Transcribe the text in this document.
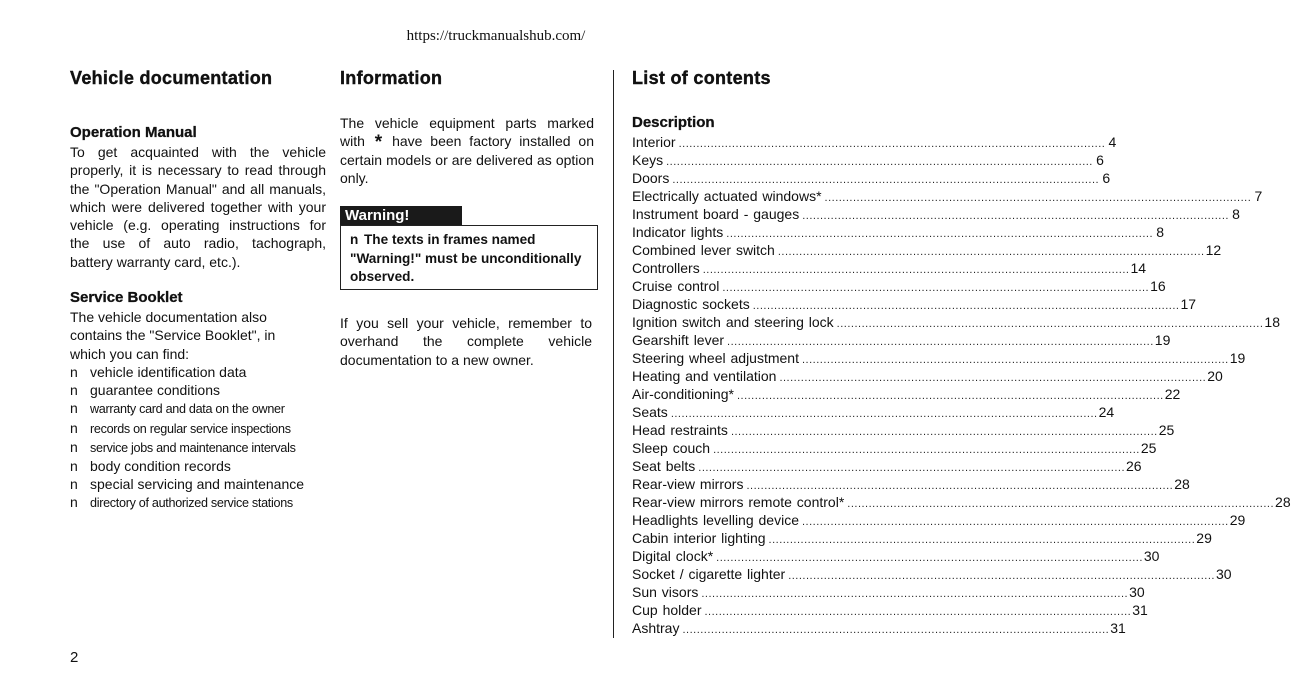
https://truckmanualshub.com/
Vehicle documentation
Operation Manual

To get acquainted with the vehicle properly, it is necessary to read through the "Operation Manual" and all manuals, which were delivered together with your vehicle (e.g. operating instructions for the use of auto radio, tachograph, battery warranty card, etc.).

Service Booklet

The vehicle documentation also contains the "Service Booklet", in which you can find:

n vehicle identification data
n guarantee conditions
n warranty card and data on the owner
n records on regular service inspections
n service jobs and maintenance intervals
n body condition records
n special servicing and maintenance
n directory of authorized service stations
Information

The vehicle equipment parts marked with * have been factory installed on certain models or are delivered as option only.

Warning!
n The texts in frames named "Warning!" must be unconditionally observed.

If you sell your vehicle, remember to overhand the complete vehicle documentation to a new owner.

List of contents
Description
Interior ........................................................................................................................ 4
Keys ........................................................................................................................ 6
Doors ........................................................................................................................ 6
Electrically actuated windows* ........................................................................................................................ 7
Instrument board - gauges ........................................................................................................................ 8
Indicator lights ........................................................................................................................ 8
Combined lever switch ........................................................................................................................ 12
Controllers ........................................................................................................................ 14
Cruise control ........................................................................................................................ 16
Diagnostic sockets ........................................................................................................................ 17
Ignition switch and steering lock ........................................................................................................................ 18
Gearshift lever ........................................................................................................................ 19
Steering wheel adjustment ........................................................................................................................ 19
Heating and ventilation ........................................................................................................................ 20
Air-conditioning* ........................................................................................................................ 22
Seats ........................................................................................................................ 24
Head restraints ........................................................................................................................ 25
Sleep couch ........................................................................................................................ 25
Seat belts ........................................................................................................................ 26
Rear-view mirrors ........................................................................................................................ 28
Rear-view mirrors remote control* ........................................................................................................................ 28
Headlights levelling device ........................................................................................................................ 29
Cabin interior lighting ........................................................................................................................ 29
Digital clock* ........................................................................................................................ 30
Socket / cigarette lighter ........................................................................................................................ 30
Sun visors ........................................................................................................................ 30
Cup holder ........................................................................................................................ 31
Ashtray ........................................................................................................................ 31
2
